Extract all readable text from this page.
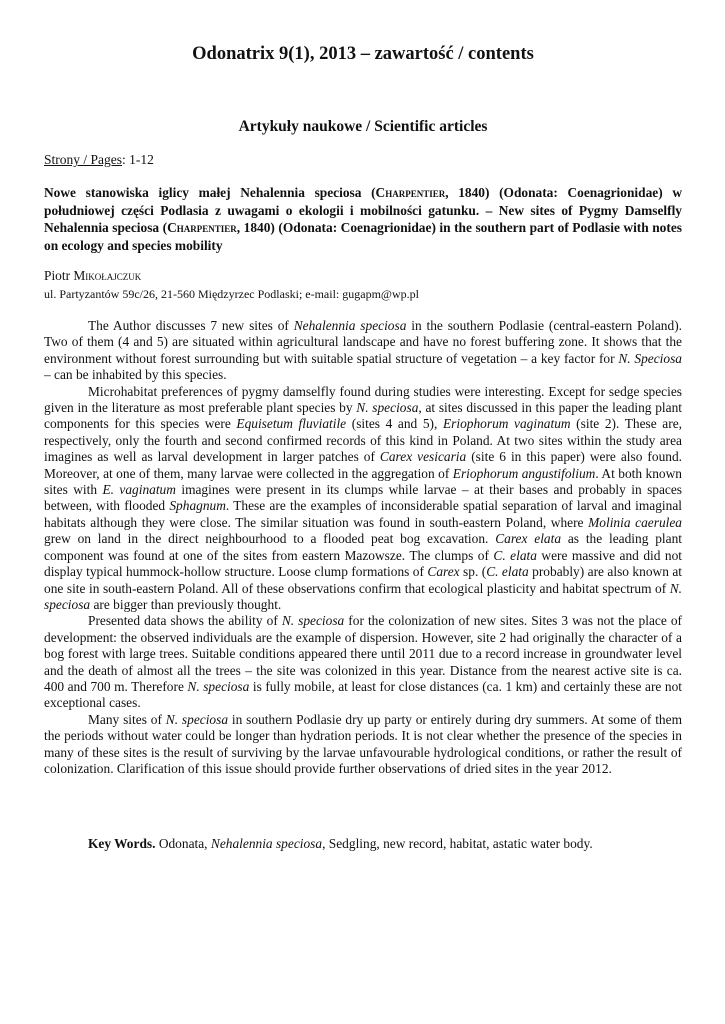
Odonatrix 9(1), 2013 – zawartość / contents
Artykuły naukowe / Scientific articles

Strony / Pages: 1-12

Nowe stanowiska iglicy małej Nehalennia speciosa (Charpentier, 1840) (Odonata: Coenagrionidae) w południowej części Podlasia z uwagami o ekologii i mobilności gatunku. – New sites of Pygmy Damselfly Nehalennia speciosa (Charpentier, 1840) (Odonata: Coenagrionidae) in the southern part of Podlasie with notes on ecology and species mobility

Piotr Mikołajczuk

ul. Partyzantów 59c/26, 21-560 Międzyrzec Podlaski; e-mail: gugapm@wp.pl

The Author discusses 7 new sites of Nehalennia speciosa in the southern Podlasie (central-eastern Poland). Two of them (4 and 5) are situated within agricultural landscape and have no forest buffering zone. It shows that the environment without forest surrounding but with suitable spatial structure of vegetation – a key factor for N. Speciosa – can be inhabited by this species.

Microhabitat preferences of pygmy damselfly found during studies were interesting. Except for sedge species given in the literature as most preferable plant species by N. speciosa, at sites discussed in this paper the leading plant components for this species were Equisetum fluviatile (sites 4 and 5), Eriophorum vaginatum (site 2). These are, respectively, only the fourth and second confirmed records of this kind in Poland. At two sites within the study area imagines as well as larval development in larger patches of Carex vesicaria (site 6 in this paper) were also found. Moreover, at one of them, many larvae were collected in the aggregation of Eriophorum angustifolium. At both known sites with E. vaginatum imagines were present in its clumps while larvae – at their bases and probably in spaces between, with flooded Sphagnum. These are the examples of inconsiderable spatial separation of larval and imaginal habitats although they were close. The similar situation was found in south-eastern Poland, where Molinia caerulea grew on land in the direct neighbourhood to a flooded peat bog excavation. Carex elata as the leading plant component was found at one of the sites from eastern Mazowsze. The clumps of C. elata were massive and did not display typical hummock-hollow structure. Loose clump formations of Carex sp. (C. elata probably) are also known at one site in south-eastern Poland. All of these observations confirm that ecological plasticity and habitat spectrum of N. speciosa are bigger than previously thought.

Presented data shows the ability of N. speciosa for the colonization of new sites. Sites 3 was not the place of development: the observed individuals are the example of dispersion. However, site 2 had originally the character of a bog forest with large trees. Suitable conditions appeared there until 2011 due to a record increase in groundwater level and the death of almost all the trees – the site was colonized in this year. Distance from the nearest active site is ca. 400 and 700 m. Therefore N. speciosa is fully mobile, at least for close distances (ca. 1 km) and certainly these are not exceptional cases.

Many sites of N. speciosa in southern Podlasie dry up party or entirely during dry summers. At some of them the periods without water could be longer than hydration periods. It is not clear whether the presence of the species in many of these sites is the result of surviving by the larvae unfavourable hydrological conditions, or rather the result of colonization. Clarification of this issue should provide further observations of dried sites in the year 2012.

Key Words. Odonata, Nehalennia speciosa, Sedgling, new record, habitat, astatic water body.
